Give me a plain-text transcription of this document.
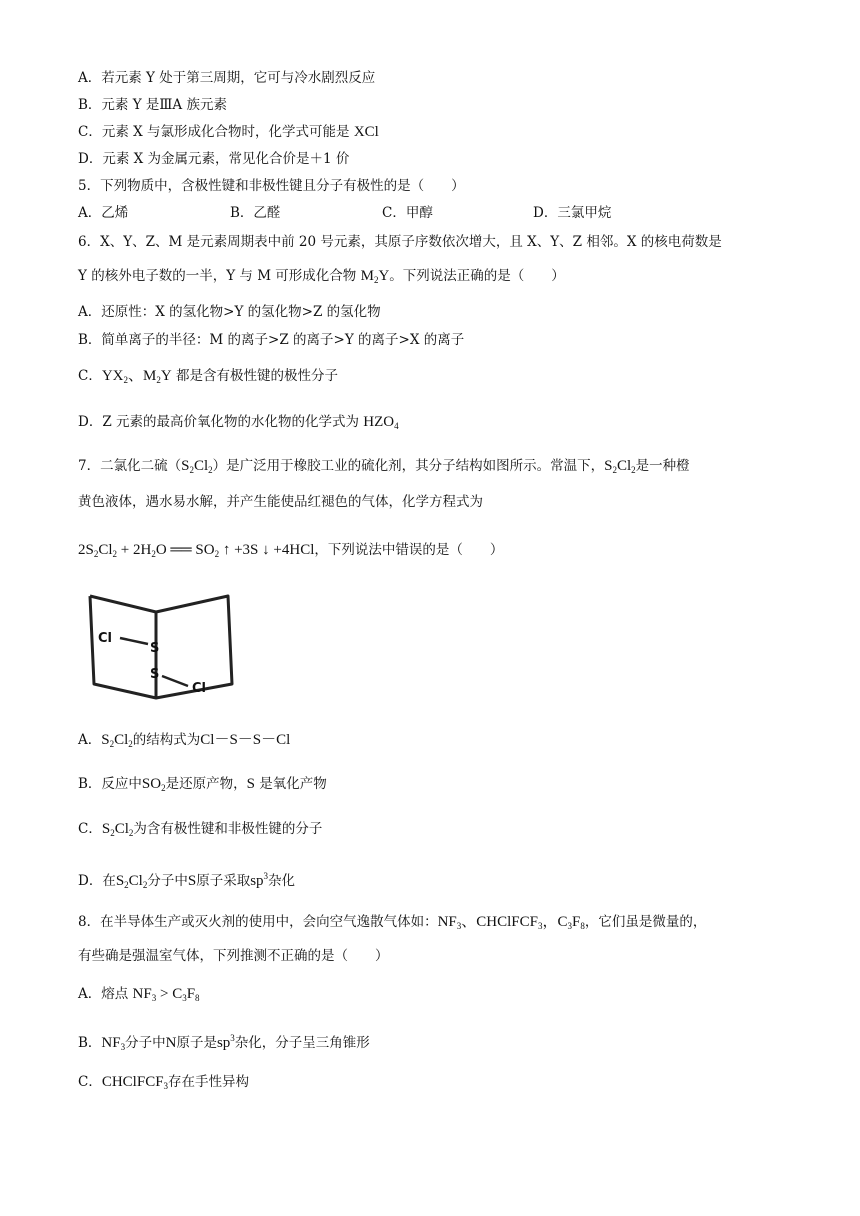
A．若元素 Y 处于第三周期，它可与冷水剧烈反应
B．元素 Y 是ⅢA 族元素
C．元素 X 与氯形成化合物时，化学式可能是 XCl
D．元素 X 为金属元素，常见化合价是＋1 价
5．下列物质中，含极性键和非极性键且分子有极性的是（　　）
A．乙烯	B．乙醛	C．甲醇	D．三氯甲烷
6．X、Y、Z、M 是元素周期表中前 20 号元素，其原子序数依次增大，且 X、Y、Z 相邻。X 的核电荷数是
Y 的核外电子数的一半，Y 与 M 可形成化合物 $M_2Y$。下列说法正确的是（　　）
A．还原性：X 的氢化物>Y 的氢化物>Z 的氢化物
B．简单离子的半径：M 的离子>Z 的离子>Y 的离子>X 的离子
C．$YX_2$、$M_2Y$ 都是含有极性键的极性分子
D．Z 元素的最高价氧化物的水化物的化学式为 $HZO_4$
7．二氯化二硫$(S_2Cl_2)$是广泛用于橡胶工业的硫化剂，其分子结构如图所示。常温下，$S_2Cl_2$是一种橙
黄色液体，遇水易水解，并产生能使品红褪色的气体，化学方程式为
$2S_2Cl_2 + 2H_2O$ ══ $SO_2$ ↑ +3S ↓ +4HCl，下列说法中错误的是（　　）
Cl
S
S
Cl
A．$S_2Cl_2$的结构式为Cl－S－S－Cl
B．反应中$SO_2$是还原产物，S 是氧化产物
C．$S_2Cl_2$为含有极性键和非极性键的分子
D．在$S_2Cl_2$分子中S原子采取$sp^3$杂化
8．在半导体生产或灭火剂的使用中，会向空气逸散气体如：$NF_3$、CHClFCF$_3$，$C_3F_8$，它们虽是微量的，
有些确是强温室气体，下列推测不正确的是（　　）
A．熔点 $NF_3 > C_3F_8$
B．$NF_3$分子中N原子是$sp^3$杂化，分子呈三角锥形
C．CHClFCF$_3$存在手性异构
